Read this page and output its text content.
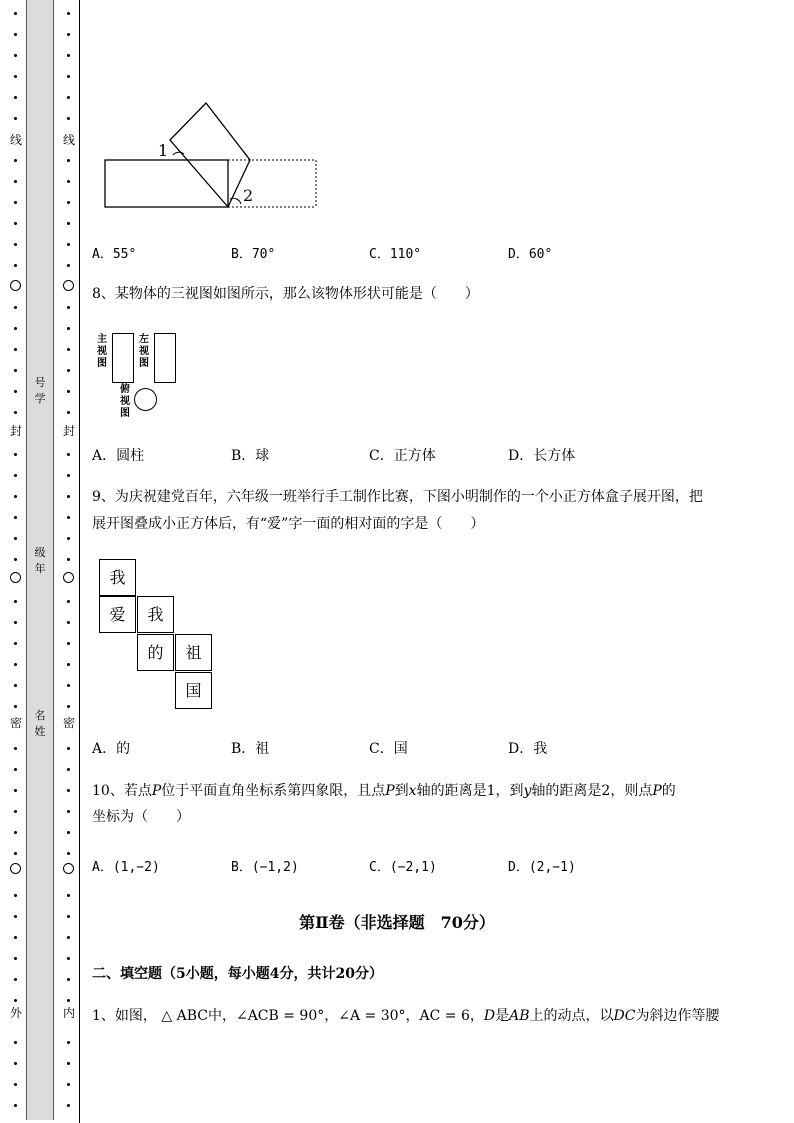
线
封
密
外
号
学
级
年
名
姓
线
封
密
内
1
2
A．55°	B．70°	C．110°	D．60°
8、某物体的三视图如图所示，那么该物体形状可能是（　　）
主
视
图
左
视
图
俯
视
图
A．圆柱	B．球	C．正方体	D．长方体
9、为庆祝建党百年，六年级一班举行手工制作比赛，下图小明制作的一个小正方体盒子展开图，把
展开图叠成小正方体后，有“爱”字一面的相对面的字是（　　）
我
爱	我
的	祖
国
A．的	B．祖	C．国	D．我
10、若点P位于平面直角坐标系第四象限，且点P到x轴的距离是1，到y轴的距离是2，则点P的
坐标为（　　）
A．(1,−2)	B．(−1,2)	C．(−2,1)	D．(2,−1)
第Ⅱ卷（非选择题　70分）
二、填空题（5小题，每小题4分，共计20分）
1、如图， △ ABC中，∠ACB = 90°，∠A = 30°，AC = 6，D是AB上的动点，以DC为斜边作等腰
